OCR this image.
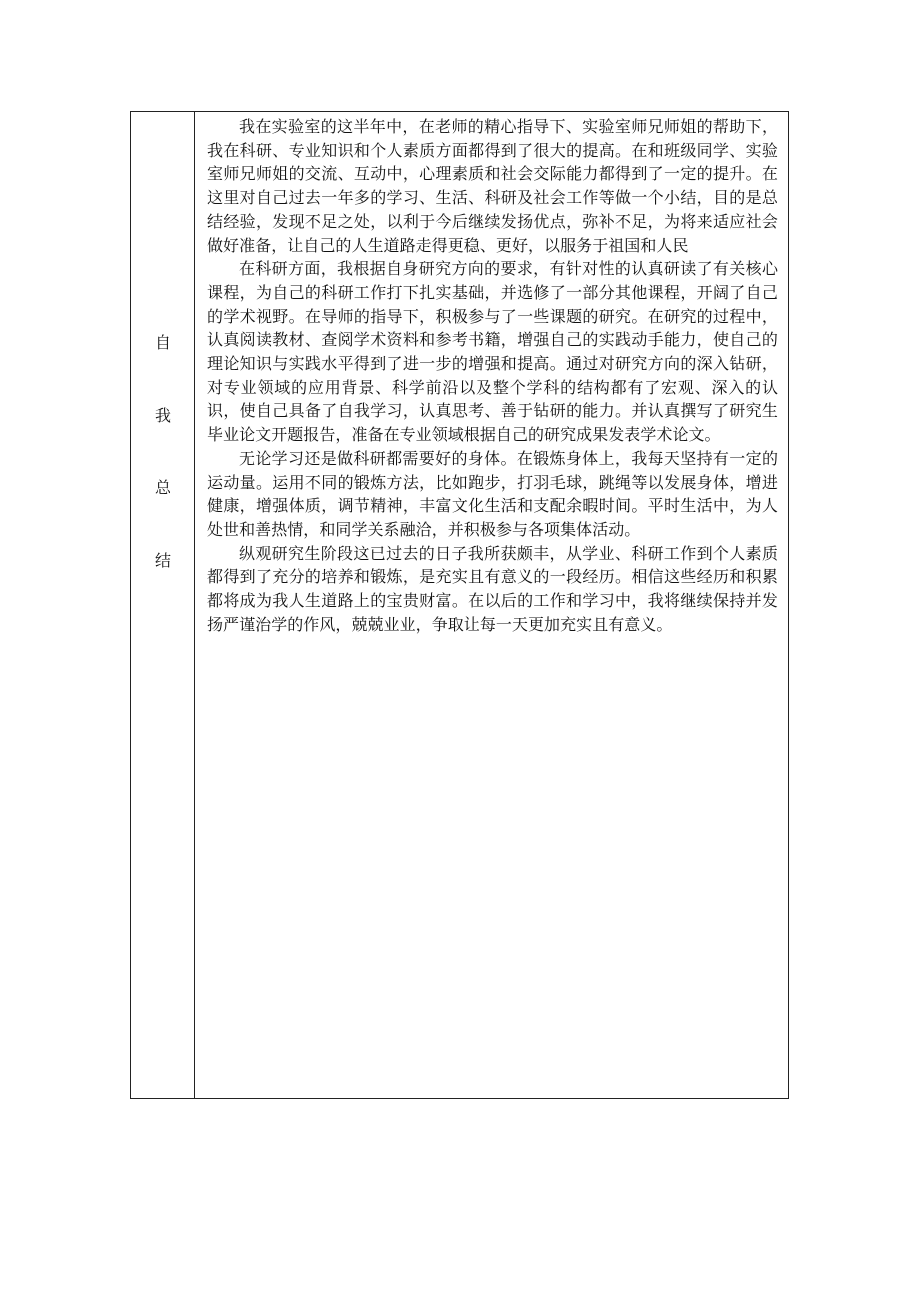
自
我
总
结

我在实验室的这半年中，在老师的精心指导下、实验室师兄师姐的帮助下，我在科研、专业知识和个人素质方面都得到了很大的提高。在和班级同学、实验室师兄师姐的交流、互动中，心理素质和社会交际能力都得到了一定的提升。在这里对自己过去一年多的学习、生活、科研及社会工作等做一个小结，目的是总结经验，发现不足之处，以利于今后继续发扬优点，弥补不足，为将来适应社会做好准备，让自己的人生道路走得更稳、更好，以服务于祖国和人民

在科研方面，我根据自身研究方向的要求，有针对性的认真研读了有关核心课程，为自己的科研工作打下扎实基础，并选修了一部分其他课程，开阔了自己的学术视野。在导师的指导下，积极参与了一些课题的研究。在研究的过程中，认真阅读教材、查阅学术资料和参考书籍，增强自己的实践动手能力，使自己的理论知识与实践水平得到了进一步的增强和提高。通过对研究方向的深入钻研，对专业领域的应用背景、科学前沿以及整个学科的结构都有了宏观、深入的认识，使自己具备了自我学习，认真思考、善于钻研的能力。并认真撰写了研究生毕业论文开题报告，准备在专业领域根据自己的研究成果发表学术论文。

无论学习还是做科研都需要好的身体。在锻炼身体上，我每天坚持有一定的运动量。运用不同的锻炼方法，比如跑步，打羽毛球，跳绳等以发展身体，增进健康，增强体质，调节精神，丰富文化生活和支配余暇时间。平时生活中，为人处世和善热情，和同学关系融洽，并积极参与各项集体活动。

纵观研究生阶段这已过去的日子我所获颇丰，从学业、科研工作到个人素质都得到了充分的培养和锻炼，是充实且有意义的一段经历。相信这些经历和积累都将成为我人生道路上的宝贵财富。在以后的工作和学习中，我将继续保持并发扬严谨治学的作风，兢兢业业，争取让每一天更加充实且有意义。
